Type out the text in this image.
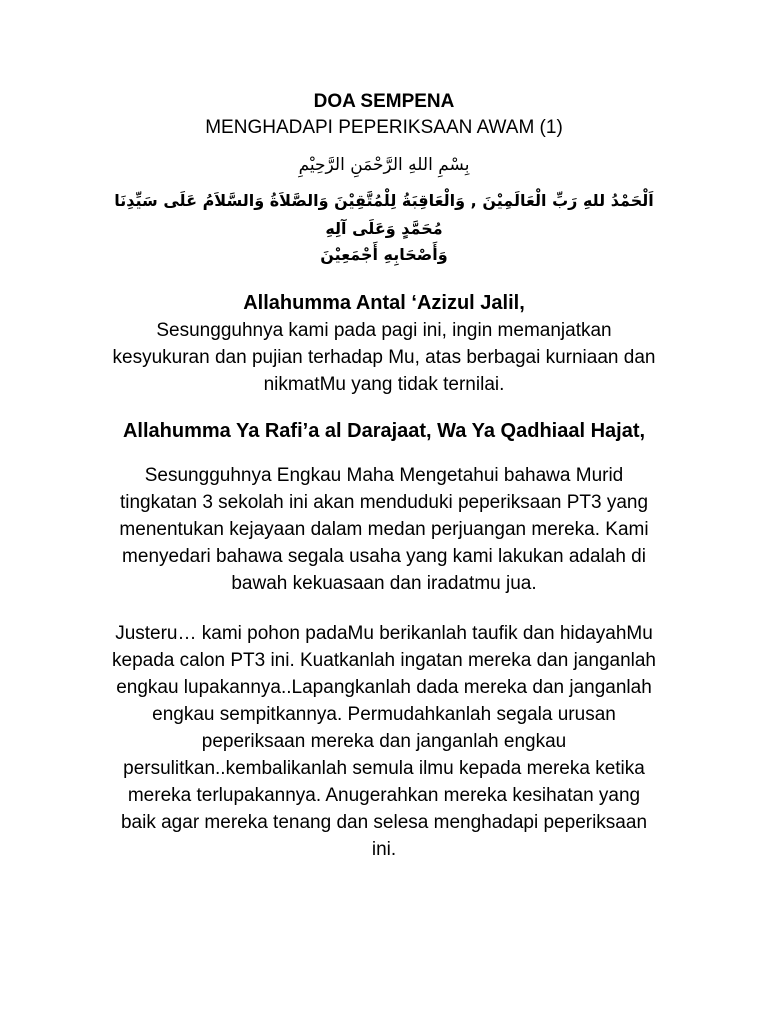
DOA SEMPENA
MENGHADAPI PEPERIKSAAN AWAM (1)
بِسْمِ اللهِ الرَّحْمَنِ الرَّحِيْمِ
اَلْحَمْدُ للهِ رَبِّ الْعَالَمِيْنَ , وَالْعَاقِبَةُ لِلْمُتَّقِيْنَ وَالصَّلاَةُ وَالسَّلاَمُ عَلَى سَيِّدِنَا
مُحَمَّدٍ وَعَلَى آلِهِ
وَأَصْحَابِهِ أَجْمَعِيْنَ
Allahumma Antal ‘Azizul Jalil,
Sesungguhnya kami pada pagi ini, ingin memanjatkan
kesyukuran dan pujian terhadap Mu, atas berbagai kurniaan dan
nikmatMu yang tidak ternilai.
Allahumma Ya Rafi’a al Darajaat, Wa Ya Qadhiaal Hajat,
Sesungguhnya Engkau Maha Mengetahui bahawa Murid
tingkatan 3 sekolah ini akan menduduki peperiksaan PT3 yang
menentukan kejayaan dalam medan perjuangan mereka. Kami
menyedari bahawa segala usaha yang kami lakukan adalah di
bawah kekuasaan dan iradatmu jua.
Justeru… kami pohon padaMu berikanlah taufik dan hidayahMu
kepada calon PT3 ini. Kuatkanlah ingatan mereka dan janganlah
engkau lupakannya..Lapangkanlah dada mereka dan janganlah
engkau sempitkannya. Permudahkanlah segala urusan
peperiksaan mereka dan janganlah engkau
persulitkan..kembalikanlah semula ilmu kepada mereka ketika
mereka terlupakannya. Anugerahkan mereka kesihatan yang
baik agar mereka tenang dan selesa menghadapi peperiksaan
ini.
